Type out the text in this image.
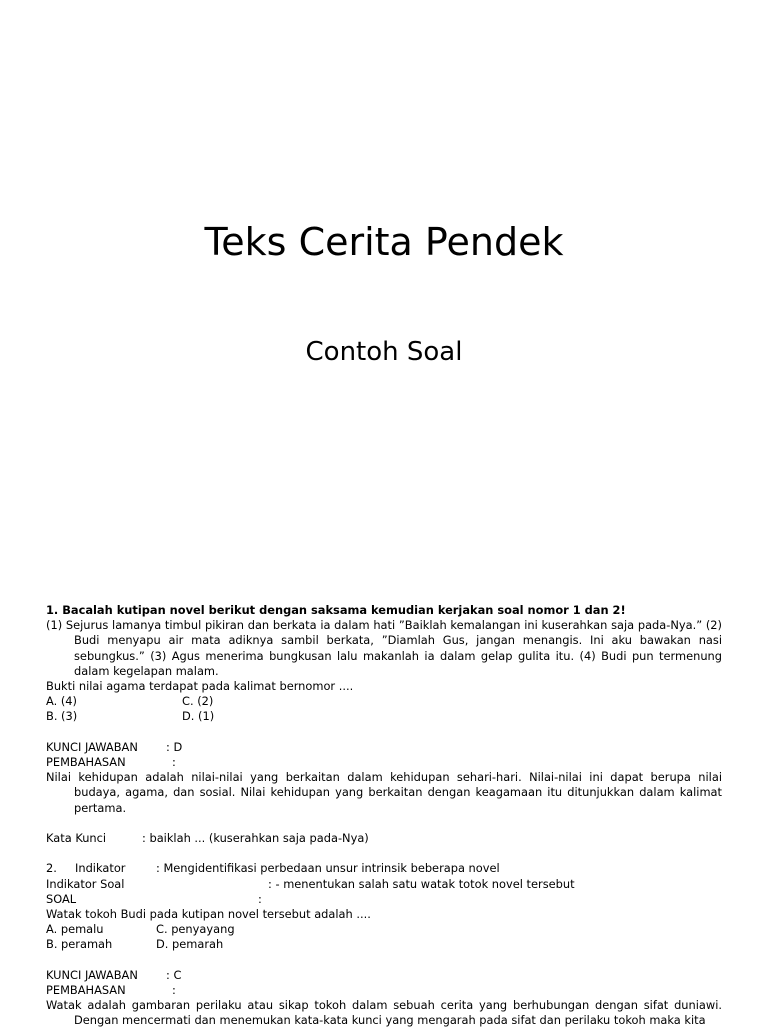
Teks Cerita Pendek
Contoh Soal

1. Bacalah kutipan novel berikut dengan saksama kemudian kerjakan soal nomor 1 dan 2!

(1) Sejurus lamanya timbul pikiran dan berkata ia dalam hati ”Baiklah kemalangan ini kuserahkan saja pada-Nya.” (2) Budi menyapu air mata adiknya sambil berkata, ”Diamlah Gus, jangan menangis. Ini aku bawakan nasi sebungkus.” (3) Agus menerima bungkusan lalu makanlah ia dalam gelap gulita itu. (4) Budi pun termenung dalam kegelapan malam.

Bukti nilai agama terdapat pada kalimat bernomor ....

A. (4)	C. (2)
B. (3)	D. (1)
KUNCI JAWABAN	: D
PEMBAHASAN	:

Nilai kehidupan adalah nilai-nilai yang berkaitan dalam kehidupan sehari-hari. Nilai-nilai ini dapat berupa nilai budaya, agama, dan sosial. Nilai kehidupan yang berkaitan dengan keagamaan itu ditunjukkan dalam kalimat pertama.

Kata Kunci	: baiklah ... (kuserahkan saja pada-Nya)
2.	Indikator	: Mengidentifikasi perbedaan unsur intrinsik beberapa novel
Indikator Soal	: - menentukan salah satu watak totok novel tersebut
SOAL	:

Watak tokoh Budi pada kutipan novel tersebut adalah ....

A. pemalu	C. penyayang
B. peramah	D. pemarah
KUNCI JAWABAN	: C
PEMBAHASAN	:

Watak adalah gambaran perilaku atau sikap tokoh dalam sebuah cerita yang berhubungan dengan sifat duniawi. Dengan mencermati dan menemukan kata-kata kunci yang mengarah pada sifat dan perilaku tokoh maka kita
